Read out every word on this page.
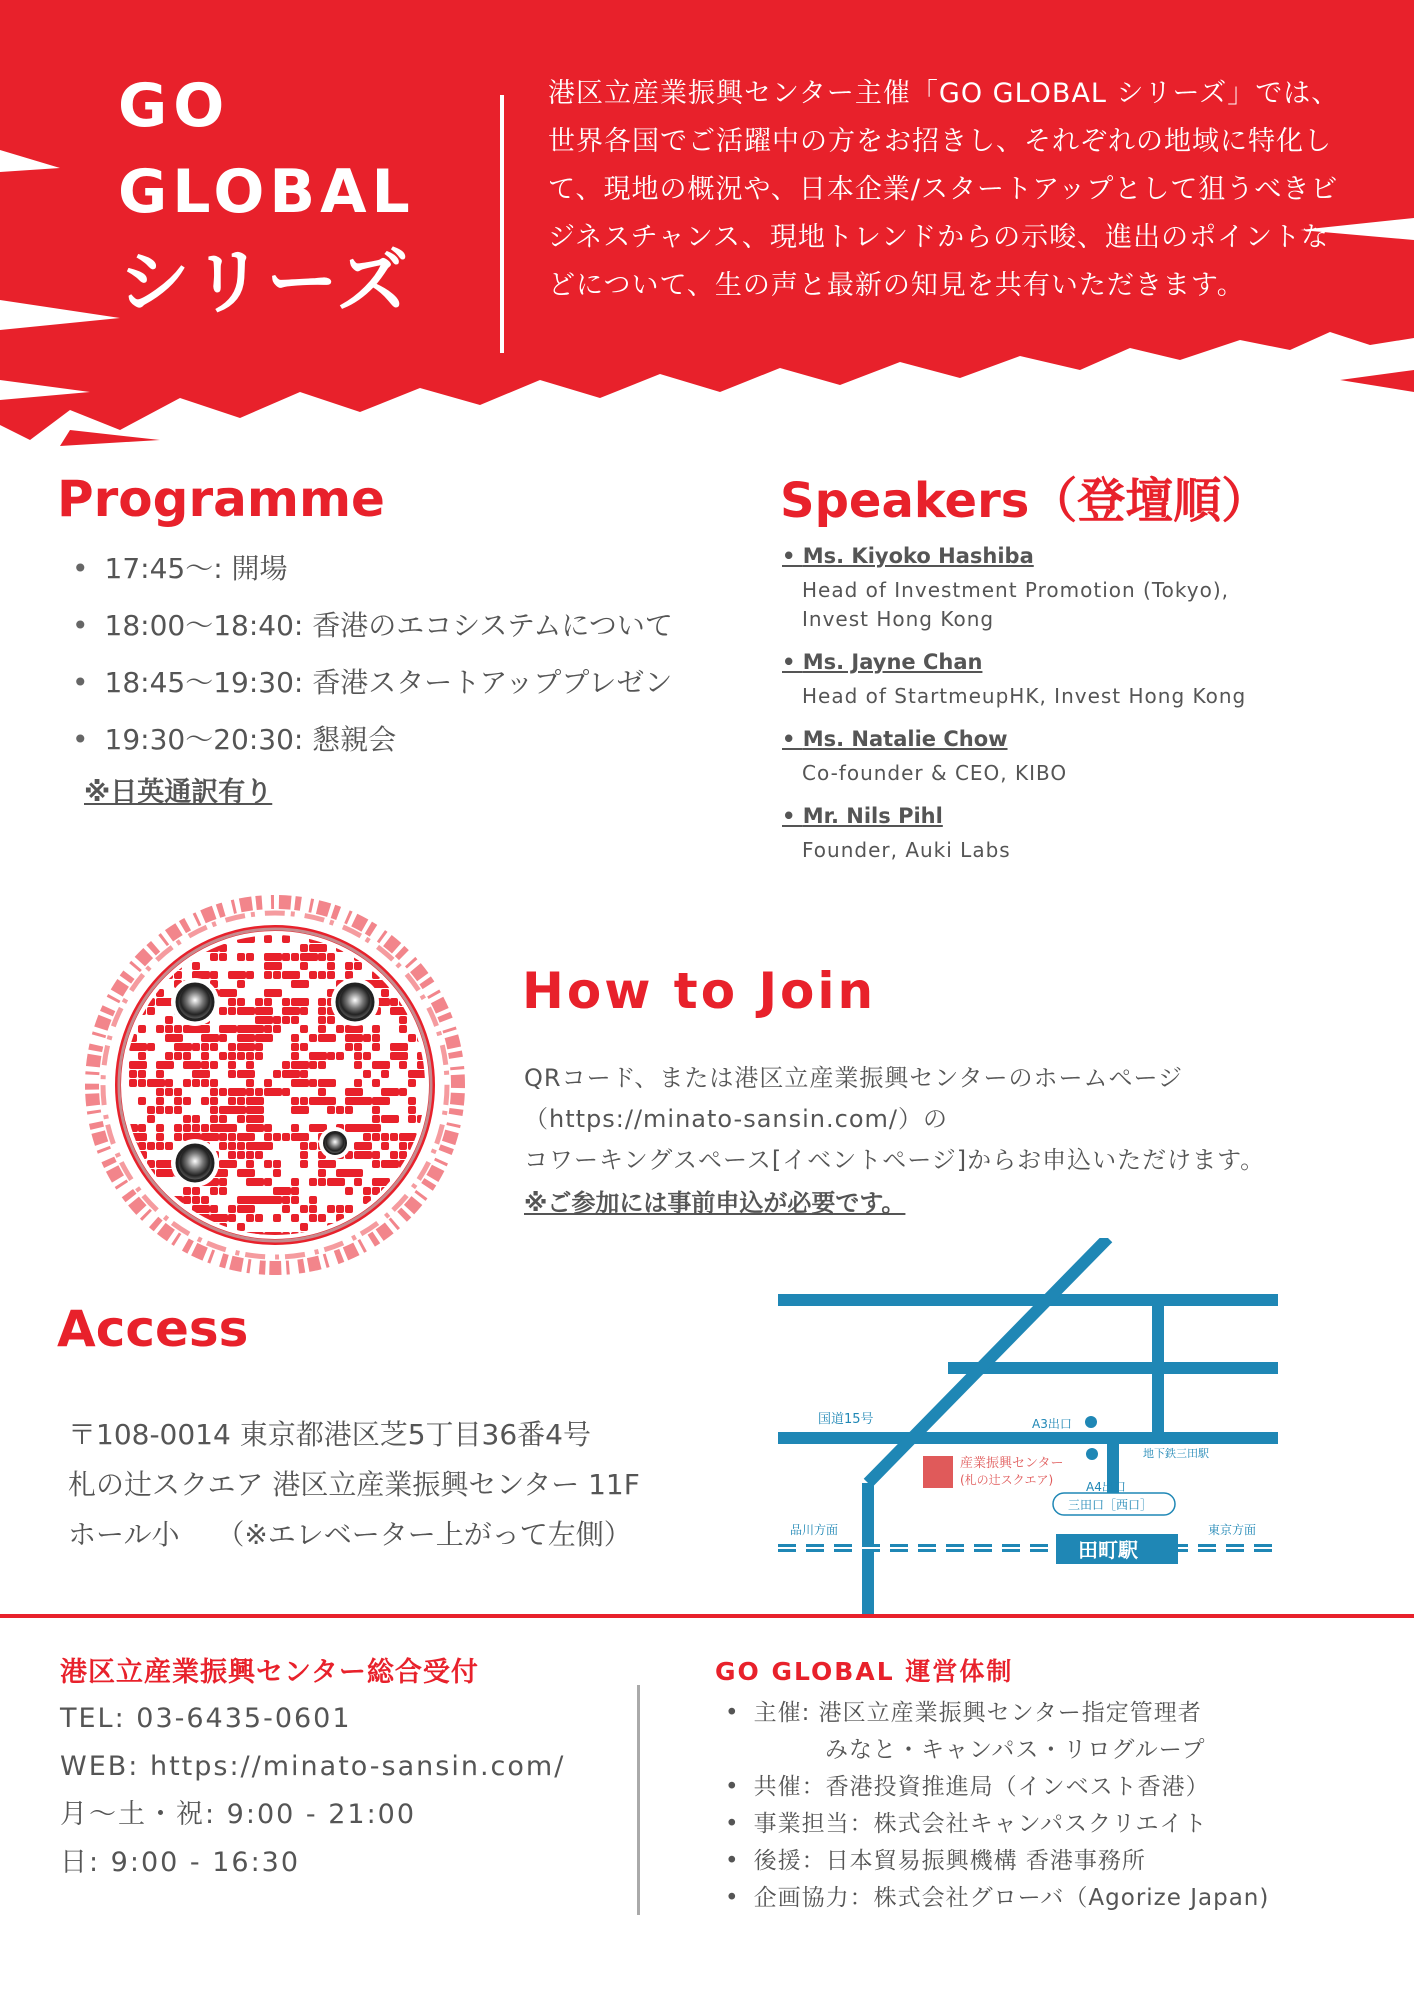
GO
GLOBAL
シリーズ

港区立産業振興センター主催「GO GLOBAL シリーズ」では、世界各国でご活躍中の方をお招きし、それぞれの地域に特化して、現地の概況や、日本企業/スタートアップとして狙うべきビジネスチャンス、現地トレンドからの示唆、進出のポイントなどについて、生の声と最新の知見を共有いただきます。

Programme
• 17:45～: 開場
• 18:00～18:40: 香港のエコシステムについて
• 18:45～19:30: 香港スタートアッププレゼン
• 19:30～20:30: 懇親会
※日英通訳有り
Speakers（登壇順）
• Ms. Kiyoko Hashiba
Head of Investment Promotion (Tokyo),
Invest Hong Kong
• Ms. Jayne Chan
Head of StartmeupHK, Invest Hong Kong
• Ms. Natalie Chow
Co-founder & CEO, KIBO
• Mr. Nils Pihl
Founder, Auki Labs
How to Join
QRコード、または港区立産業振興センターのホームページ
（https://minato-sansin.com/）の
コワーキングスペース[イベントページ]からお申込いただけます。
※ご参加には事前申込が必要です。
Access
〒108-0014 東京都港区芝5丁目36番4号
札の辻スクエア 港区立産業振興センター 11F
ホール小　 （※エレベーター上がって左側）
国道15号	A3出口
産業振興センター
(札の辻スクエア)
地下鉄三田駅
A4出口
三田口［西口］
品川方面	東京方面
田町駅
港区立産業振興センター総合受付
TEL: 03-6435-0601
WEB: https://minato-sansin.com/
月～土・祝: 9:00 - 21:00
日: 9:00 - 16:30
GO GLOBAL 運営体制
• 主催: 港区立産業振興センター指定管理者
みなと・キャンパス・リログループ
• 共催：香港投資推進局（インベスト香港）
• 事業担当：株式会社キャンパスクリエイト
• 後援：日本貿易振興機構 香港事務所
• 企画協力：株式会社グローバ（Agorize Japan)
